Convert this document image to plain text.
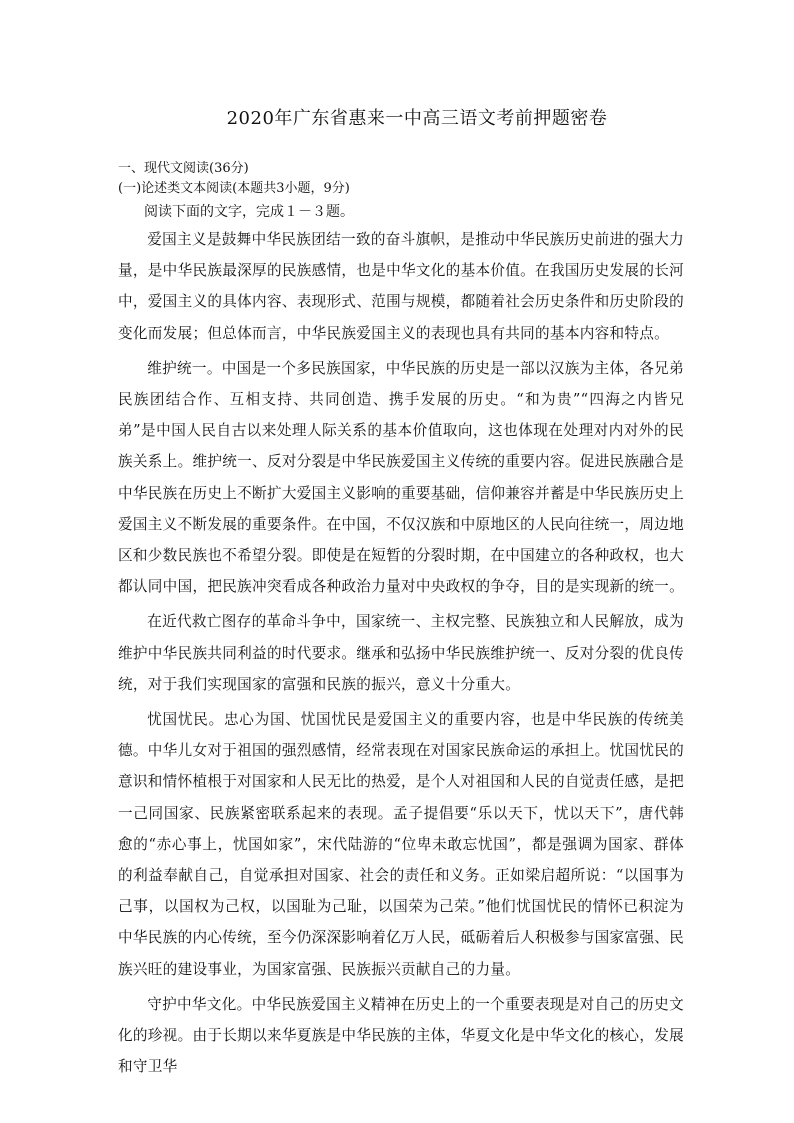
2020年广东省惠来一中高三语文考前押题密卷
一、现代文阅读(36分)
(一)论述类文本阅读(本题共3小题，9分)
阅读下面的文字，完成１－３题。

爱国主义是鼓舞中华民族团结一致的奋斗旗帜，是推动中华民族历史前进的强大力量，是中华民族最深厚的民族感情，也是中华文化的基本价值。在我国历史发展的长河中，爱国主义的具体内容、表现形式、范围与规模，都随着社会历史条件和历史阶段的变化而发展；但总体而言，中华民族爱国主义的表现也具有共同的基本内容和特点。

维护统一。中国是一个多民族国家，中华民族的历史是一部以汉族为主体，各兄弟民族团结合作、互相支持、共同创造、携手发展的历史。“和为贵”“四海之内皆兄弟”是中国人民自古以来处理人际关系的基本价值取向，这也体现在处理对内对外的民族关系上。维护统一、反对分裂是中华民族爱国主义传统的重要内容。促进民族融合是中华民族在历史上不断扩大爱国主义影响的重要基础，信仰兼容并蓄是中华民族历史上爱国主义不断发展的重要条件。在中国，不仅汉族和中原地区的人民向往统一，周边地区和少数民族也不希望分裂。即使是在短暂的分裂时期，在中国建立的各种政权，也大都认同中国，把民族冲突看成各种政治力量对中央政权的争夺，目的是实现新的统一。

在近代救亡图存的革命斗争中，国家统一、主权完整、民族独立和人民解放，成为维护中华民族共同利益的时代要求。继承和弘扬中华民族维护统一、反对分裂的优良传统，对于我们实现国家的富强和民族的振兴，意义十分重大。

忧国忧民。忠心为国、忧国忧民是爱国主义的重要内容，也是中华民族的传统美德。中华儿女对于祖国的强烈感情，经常表现在对国家民族命运的承担上。忧国忧民的意识和情怀植根于对国家和人民无比的热爱，是个人对祖国和人民的自觉责任感，是把一己同国家、民族紧密联系起来的表现。孟子提倡要“乐以天下，忧以天下”，唐代韩愈的“赤心事上，忧国如家”，宋代陆游的“位卑未敢忘忧国”，都是强调为国家、群体的利益奉献自己，自觉承担对国家、社会的责任和义务。正如梁启超所说：“以国事为己事，以国权为己权，以国耻为己耻，以国荣为己荣。”他们忧国忧民的情怀已积淀为中华民族的内心传统，至今仍深深影响着亿万人民，砥砺着后人积极参与国家富强、民族兴旺的建设事业，为国家富强、民族振兴贡献自己的力量。

守护中华文化。中华民族爱国主义精神在历史上的一个重要表现是对自己的历史文化的珍视。由于长期以来华夏族是中华民族的主体，华夏文化是中华文化的核心，发展和守卫华
